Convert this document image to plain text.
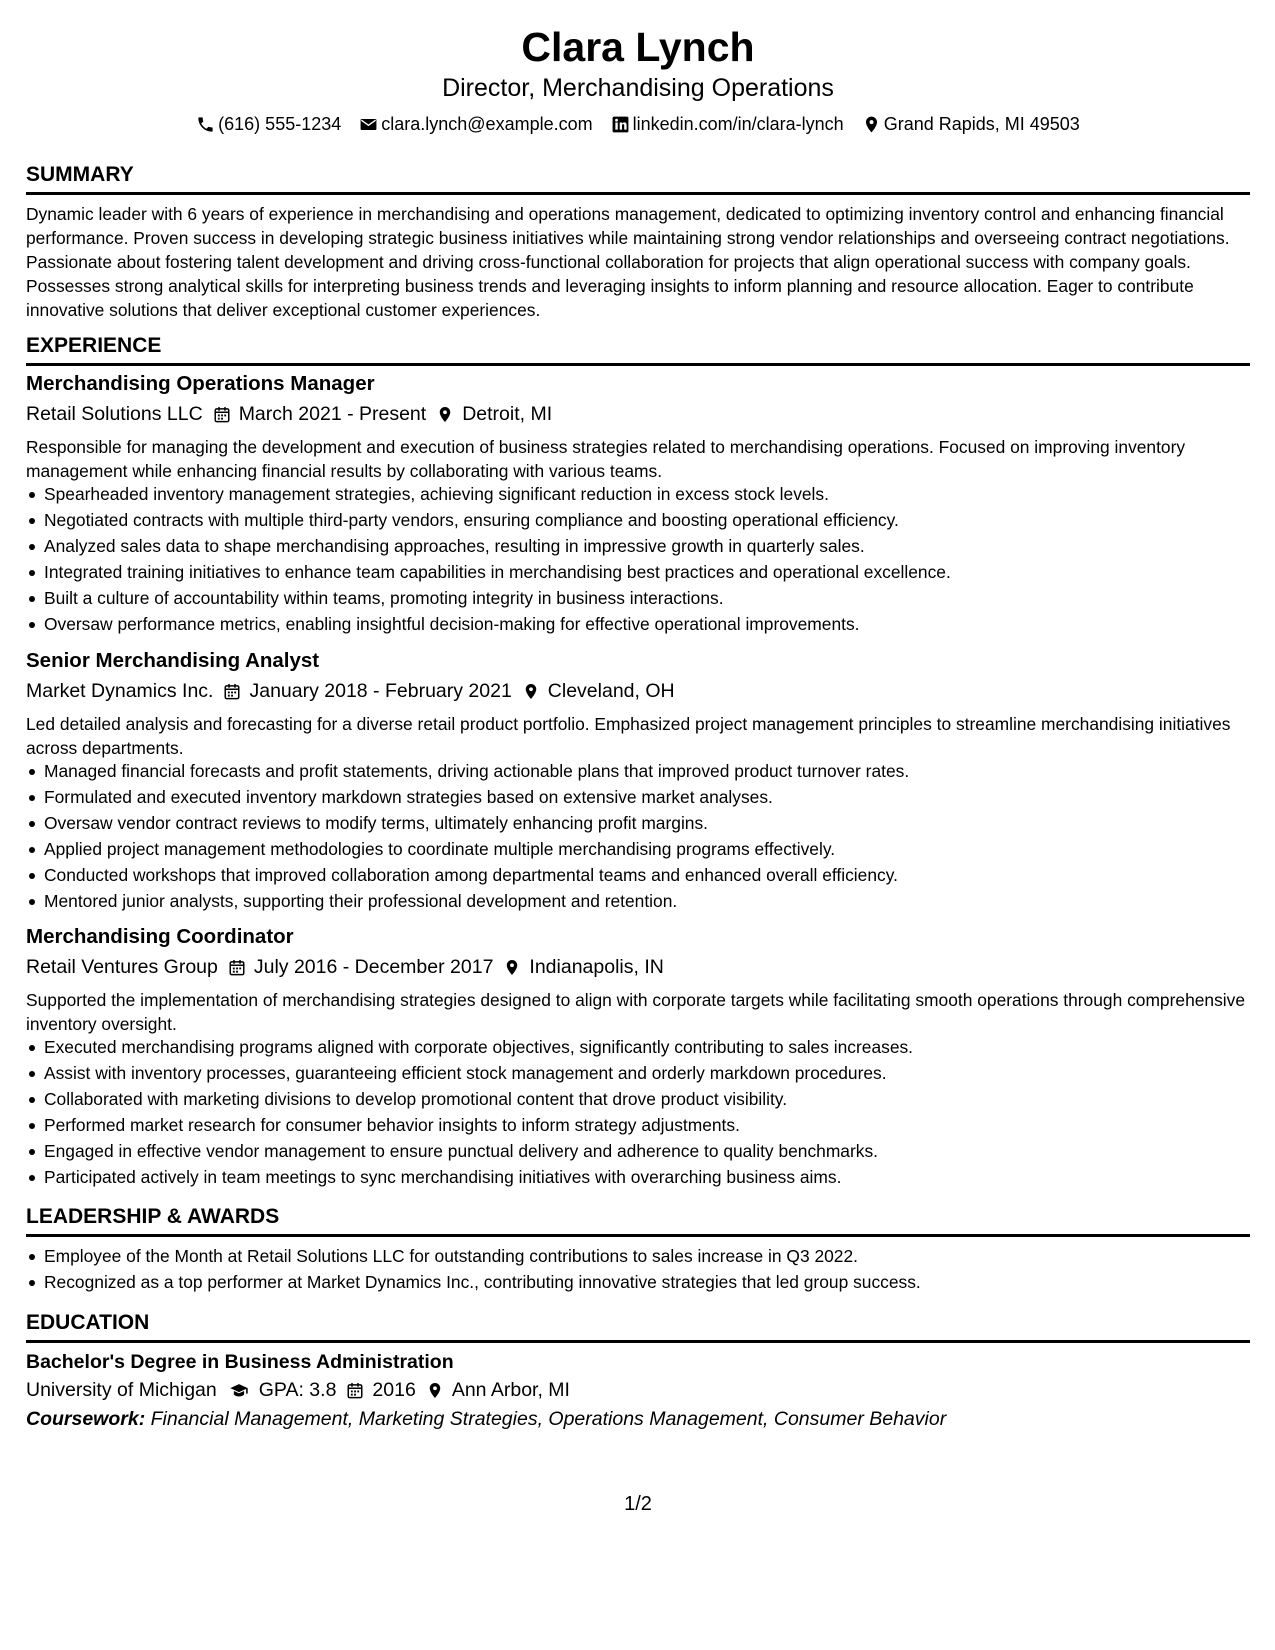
Clara Lynch
Director, Merchandising Operations
(616) 555-1234 clara.lynch@example.com linkedin.com/in/clara-lynch Grand Rapids, MI 49503
SUMMARY
Dynamic leader with 6 years of experience in merchandising and operations management, dedicated to optimizing inventory control and enhancing financial performance. Proven success in developing strategic business initiatives while maintaining strong vendor relationships and overseeing contract negotiations. Passionate about fostering talent development and driving cross-functional collaboration for projects that align operational success with company goals. Possesses strong analytical skills for interpreting business trends and leveraging insights to inform planning and resource allocation. Eager to contribute innovative solutions that deliver exceptional customer experiences.
EXPERIENCE
Merchandising Operations Manager
Retail Solutions LLC March 2021 - Present Detroit, MI
Responsible for managing the development and execution of business strategies related to merchandising operations. Focused on improving inventory management while enhancing financial results by collaborating with various teams.
Spearheaded inventory management strategies, achieving significant reduction in excess stock levels.
Negotiated contracts with multiple third-party vendors, ensuring compliance and boosting operational efficiency.
Analyzed sales data to shape merchandising approaches, resulting in impressive growth in quarterly sales.
Integrated training initiatives to enhance team capabilities in merchandising best practices and operational excellence.
Built a culture of accountability within teams, promoting integrity in business interactions.
Oversaw performance metrics, enabling insightful decision-making for effective operational improvements.
Senior Merchandising Analyst
Market Dynamics Inc. January 2018 - February 2021 Cleveland, OH
Led detailed analysis and forecasting for a diverse retail product portfolio. Emphasized project management principles to streamline merchandising initiatives across departments.
Managed financial forecasts and profit statements, driving actionable plans that improved product turnover rates.
Formulated and executed inventory markdown strategies based on extensive market analyses.
Oversaw vendor contract reviews to modify terms, ultimately enhancing profit margins.
Applied project management methodologies to coordinate multiple merchandising programs effectively.
Conducted workshops that improved collaboration among departmental teams and enhanced overall efficiency.
Mentored junior analysts, supporting their professional development and retention.
Merchandising Coordinator
Retail Ventures Group July 2016 - December 2017 Indianapolis, IN
Supported the implementation of merchandising strategies designed to align with corporate targets while facilitating smooth operations through comprehensive inventory oversight.
Executed merchandising programs aligned with corporate objectives, significantly contributing to sales increases.
Assist with inventory processes, guaranteeing efficient stock management and orderly markdown procedures.
Collaborated with marketing divisions to develop promotional content that drove product visibility.
Performed market research for consumer behavior insights to inform strategy adjustments.
Engaged in effective vendor management to ensure punctual delivery and adherence to quality benchmarks.
Participated actively in team meetings to sync merchandising initiatives with overarching business aims.
LEADERSHIP & AWARDS
Employee of the Month at Retail Solutions LLC for outstanding contributions to sales increase in Q3 2022.
Recognized as a top performer at Market Dynamics Inc., contributing innovative strategies that led group success.
EDUCATION
Bachelor's Degree in Business Administration
University of Michigan GPA: 3.8 2016 Ann Arbor, MI
Coursework: Financial Management, Marketing Strategies, Operations Management, Consumer Behavior
1/2
